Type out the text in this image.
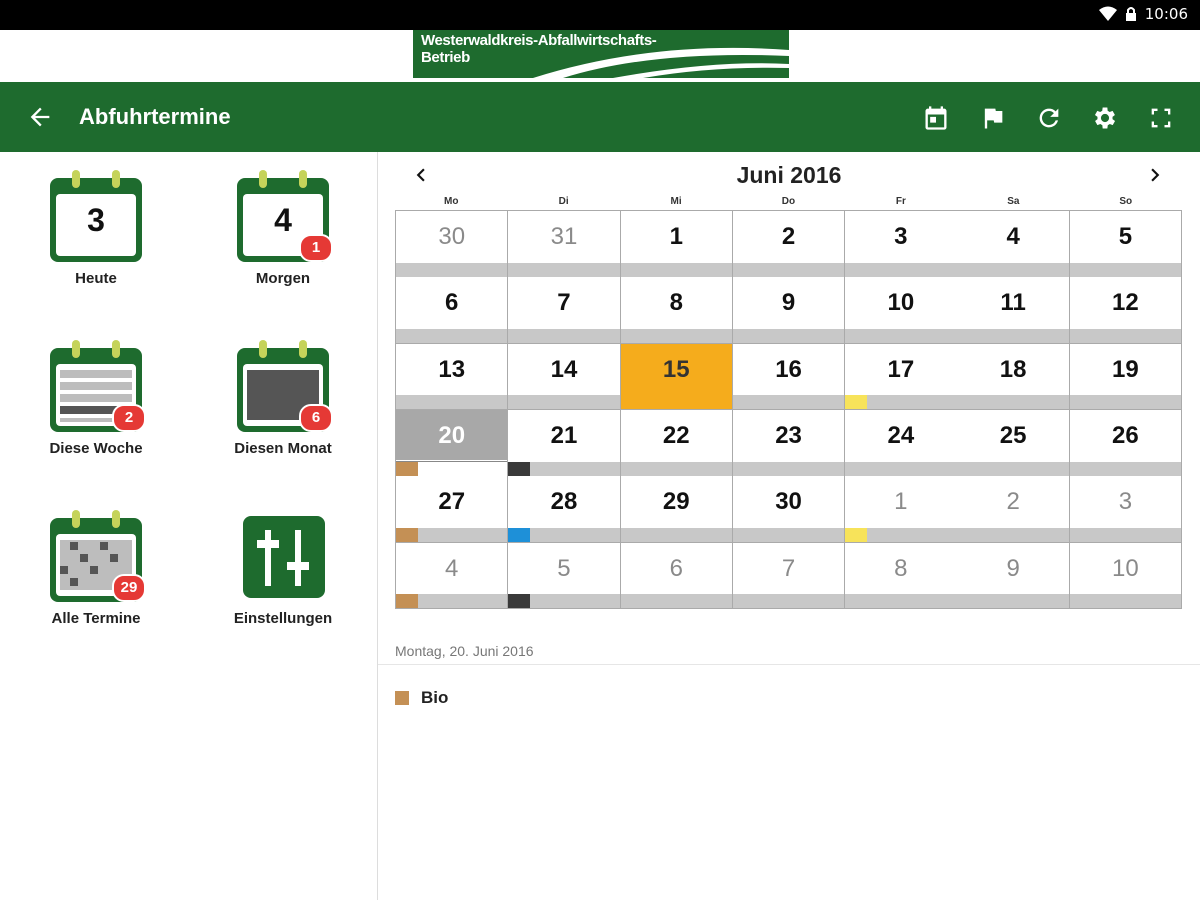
10:06
Westerwaldkreis-Abfallwirtschafts-
Betrieb
Abfuhrtermine
3
Heute
4
1
Morgen
2
Diese Woche
6
Diesen Monat
29
Alle Termine	Einstellungen
Juni 2016
Mo	Di	Mi	Do	Fr	Sa	So
30	31	1	2	3	4	5
6	7	8	9	10	11	12
13	14	15	16	17	18	19
20	21	22	23	24	25	26
27	28	29	30	1	2	3
4	5	6	7	8	9	10
Montag, 20. Juni 2016
Bio
